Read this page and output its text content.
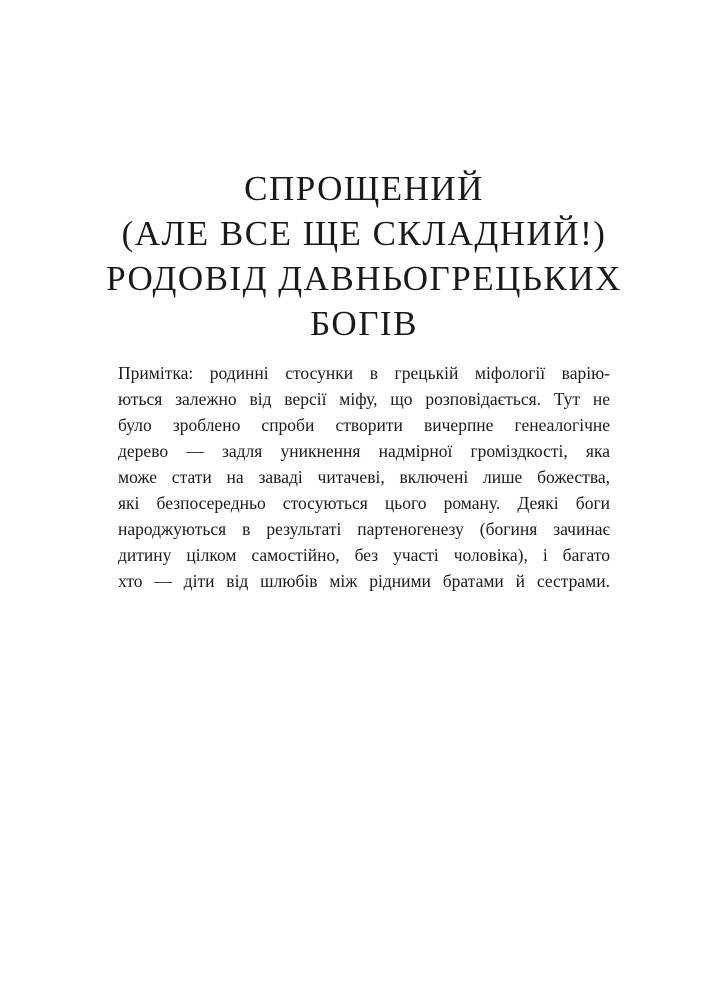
СПРОЩЕНИЙ
(АЛЕ ВСЕ ЩЕ СКЛАДНИЙ!)
РОДОВІД ДАВНЬОГРЕЦЬКИХ
БОГІВ
Примітка: родинні стосунки в грецькій міфології варію-
ються залежно від версії міфу, що розповідається. Тут не
було зроблено спроби створити вичерпне генеалогічне
дерево — задля уникнення надмірної громіздкості, яка
може стати на заваді читачеві, включені лише божества,
які безпосередньо стосуються цього роману. Деякі боги
народжуються в результаті партеногенезу (богиня зачинає
дитину цілком самостійно, без участі чоловіка), і багато
хто — діти від шлюбів між рідними братами й сестрами.
